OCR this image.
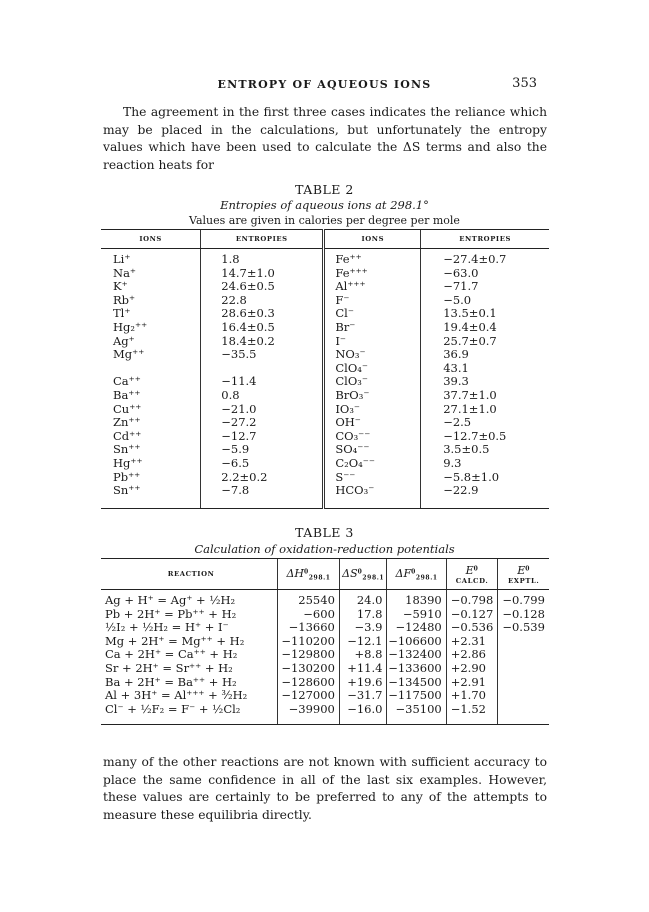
ENTROPY OF AQUEOUS IONS	353

The agreement in the first three cases indicates the reliance which may be placed in the calculations, but unfortunately the entropy values which have been used to calculate the ΔS terms and also the reaction heats for

TABLE 2

Entropies of aqueous ions at 298.1°

Values are given in calories per degree per mole

IONS	ENTROPIES	IONS	ENTROPIES
Li⁺	1.8	Fe⁺⁺	−27.4±0.7
Na⁺	14.7±1.0	Fe⁺⁺⁺	−63.0
K⁺	24.6±0.5	Al⁺⁺⁺	−71.7
Rb⁺	22.8	F⁻	−5.0
Tl⁺	28.6±0.3	Cl⁻	13.5±0.1
Hg₂⁺⁺	16.4±0.5	Br⁻	19.4±0.4
Ag⁺	18.4±0.2	I⁻	25.7±0.7
Mg⁺⁺	−35.5	NO₃⁻	36.9
		ClO₄⁻	43.1
Ca⁺⁺	−11.4	ClO₃⁻	39.3
Ba⁺⁺	0.8	BrO₃⁻	37.7±1.0
Cu⁺⁺	−21.0	IO₃⁻	27.1±1.0
Zn⁺⁺	−27.2	OH⁻	−2.5
Cd⁺⁺	−12.7	CO₃⁻⁻	−12.7±0.5
Sn⁺⁺	−5.9	SO₄⁻⁻	3.5±0.5
Hg⁺⁺	−6.5	C₂O₄⁻⁻	9.3
Pb⁺⁺	2.2±0.2	S⁻⁻	−5.8±1.0
Sn⁺⁺	−7.8	HCO₃⁻	−22.9

TABLE 3

Calculation of oxidation-reduction potentials

REACTION	$\Delta H^0_{298.1}$	$\Delta S^0_{298.1}$	$\Delta F^0_{298.1}$	$E^0$
CALCD.	$E^0$
EXPTL.
Ag + H⁺ = Ag⁺ + ½H₂	25540	24.0	18390	−0.798	−0.799
Pb + 2H⁺ = Pb⁺⁺ + H₂	−600	17.8	−5910	−0.127	−0.128
½I₂ + ½H₂ = H⁺ + I⁻	−13660	−3.9	−12480	−0.536	−0.539
Mg + 2H⁺ = Mg⁺⁺ + H₂	−110200	−12.1	−106600	+2.31	
Ca + 2H⁺ = Ca⁺⁺ + H₂	−129800	+8.8	−132400	+2.86	
Sr + 2H⁺ = Sr⁺⁺ + H₂	−130200	+11.4	−133600	+2.90	
Ba + 2H⁺ = Ba⁺⁺ + H₂	−128600	+19.6	−134500	+2.91	
Al + 3H⁺ = Al⁺⁺⁺ + ³⁄₂H₂	−127000	−31.7	−117500	+1.70	
Cl⁻ + ½F₂ = F⁻ + ½Cl₂	−39900	−16.0	−35100	−1.52	

many of the other reactions are not known with sufficient accuracy to place the same confidence in all of the last six examples. However, these values are certainly to be preferred to any of the attempts to measure these equilibria directly.
